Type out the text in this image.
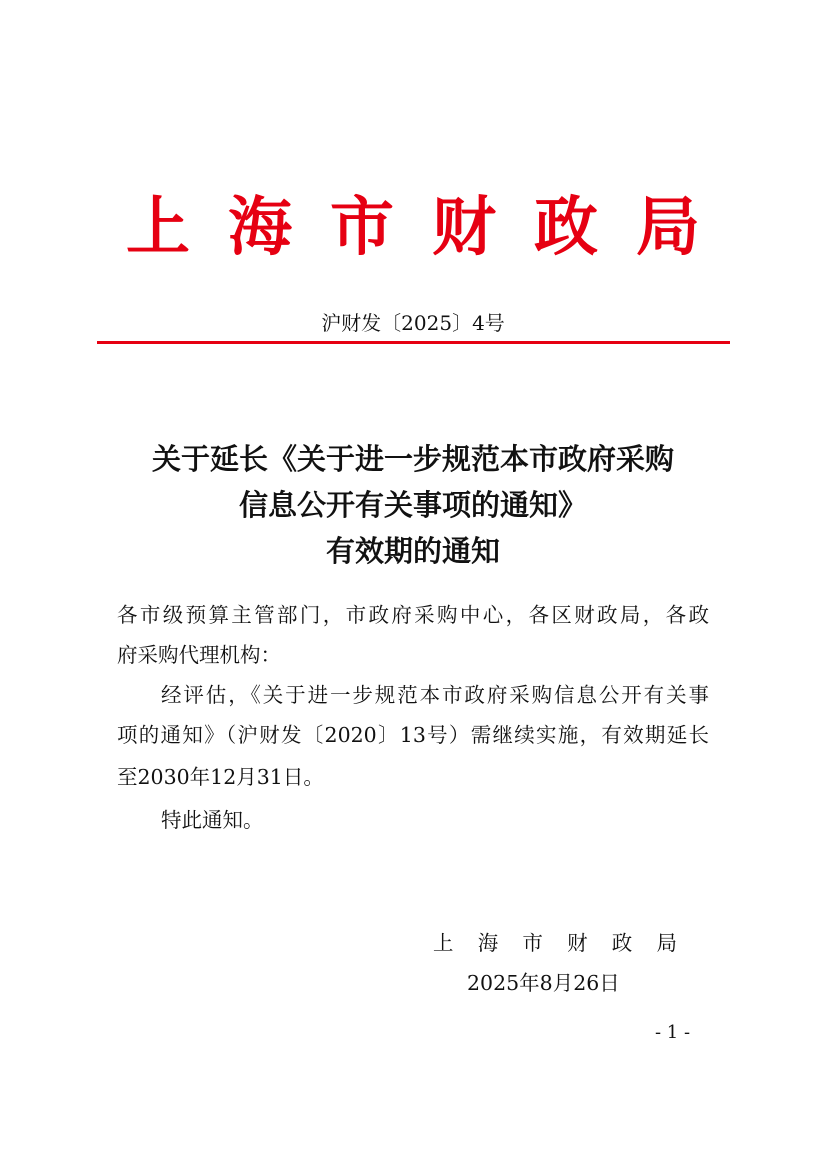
上海市财政局
沪财发〔2025〕4号
关于延长《关于进一步规范本市政府采购
信息公开有关事项的通知》
有效期的通知
各市级预算主管部门，市政府采购中心，各区财政局，各政
府采购代理机构：
经评估，《关于进一步规范本市政府采购信息公开有关事
项的通知》（沪财发〔2020〕13号）需继续实施，有效期延长
至2030年12月31日。
特此通知。
上海市财政局
2025年8月26日
- 1 -
